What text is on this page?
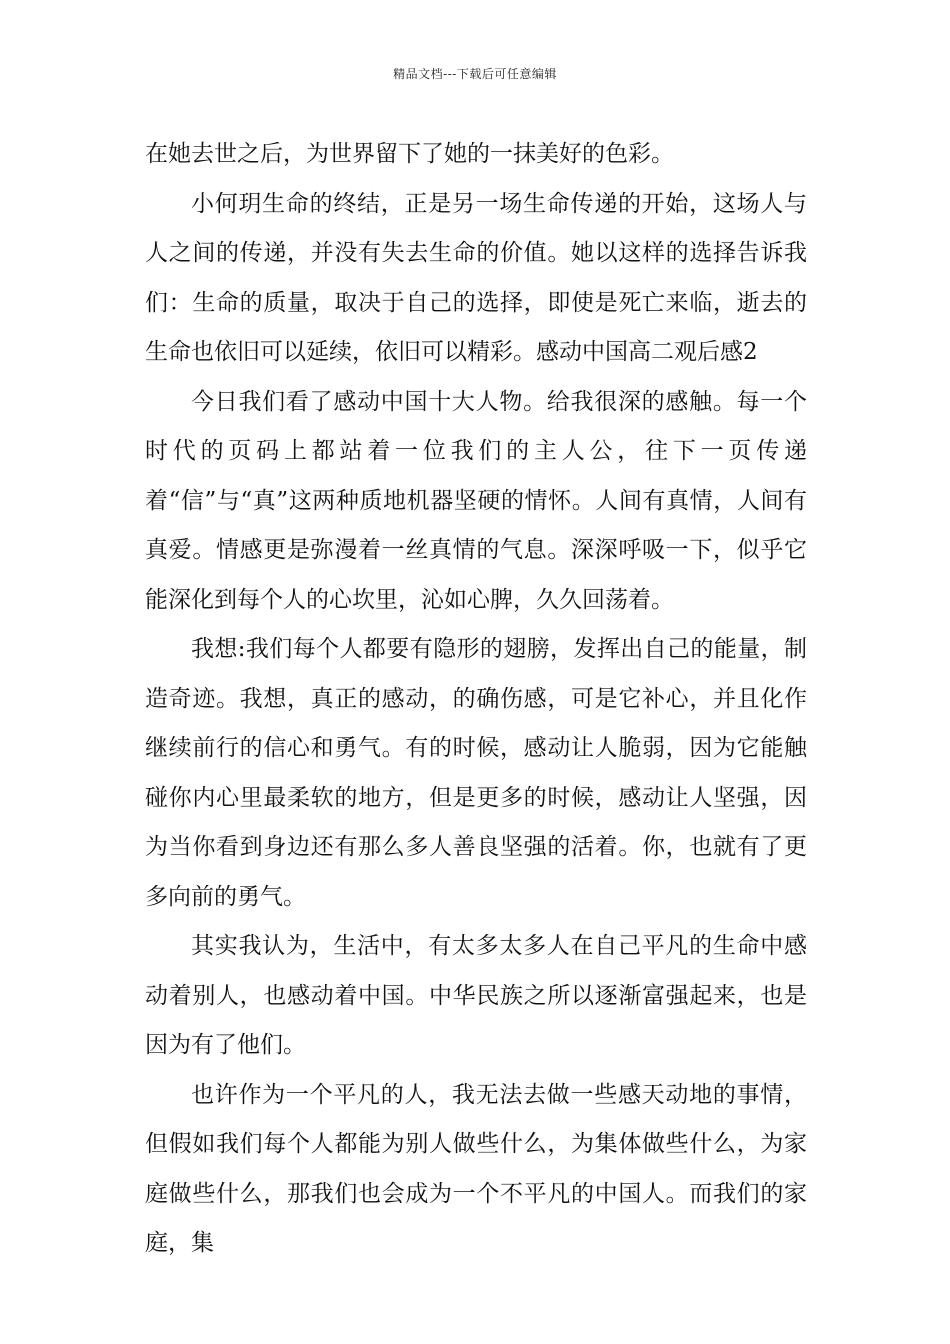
精品文档---下载后可任意编辑

在她去世之后，为世界留下了她的一抹美好的色彩。

小何玥生命的终结，正是另一场生命传递的开始，这场人与人之间的传递，并没有失去生命的价值。她以这样的选择告诉我们：生命的质量，取决于自己的选择，即使是死亡来临，逝去的生命也依旧可以延续，依旧可以精彩。感动中国高二观后感2

今日我们看了感动中国十大人物。给我很深的感触。每一个时代的页码上都站着一位我们的主人公，往下一页传递着“信”与“真”这两种质地机器坚硬的情怀。人间有真情，人间有真爱。情感更是弥漫着一丝真情的气息。深深呼吸一下，似乎它能深化到每个人的心坎里，沁如心脾，久久回荡着。

我想:我们每个人都要有隐形的翅膀，发挥出自己的能量，制造奇迹。我想，真正的感动，的确伤感，可是它补心，并且化作继续前行的信心和勇气。有的时候，感动让人脆弱，因为它能触碰你内心里最柔软的地方，但是更多的时候，感动让人坚强，因为当你看到身边还有那么多人善良坚强的活着。你，也就有了更多向前的勇气。

其实我认为，生活中，有太多太多人在自己平凡的生命中感动着别人，也感动着中国。中华民族之所以逐渐富强起来，也是因为有了他们。

也许作为一个平凡的人，我无法去做一些感天动地的事情，但假如我们每个人都能为别人做些什么，为集体做些什么，为家庭做些什么，那我们也会成为一个不平凡的中国人。而我们的家庭，集
